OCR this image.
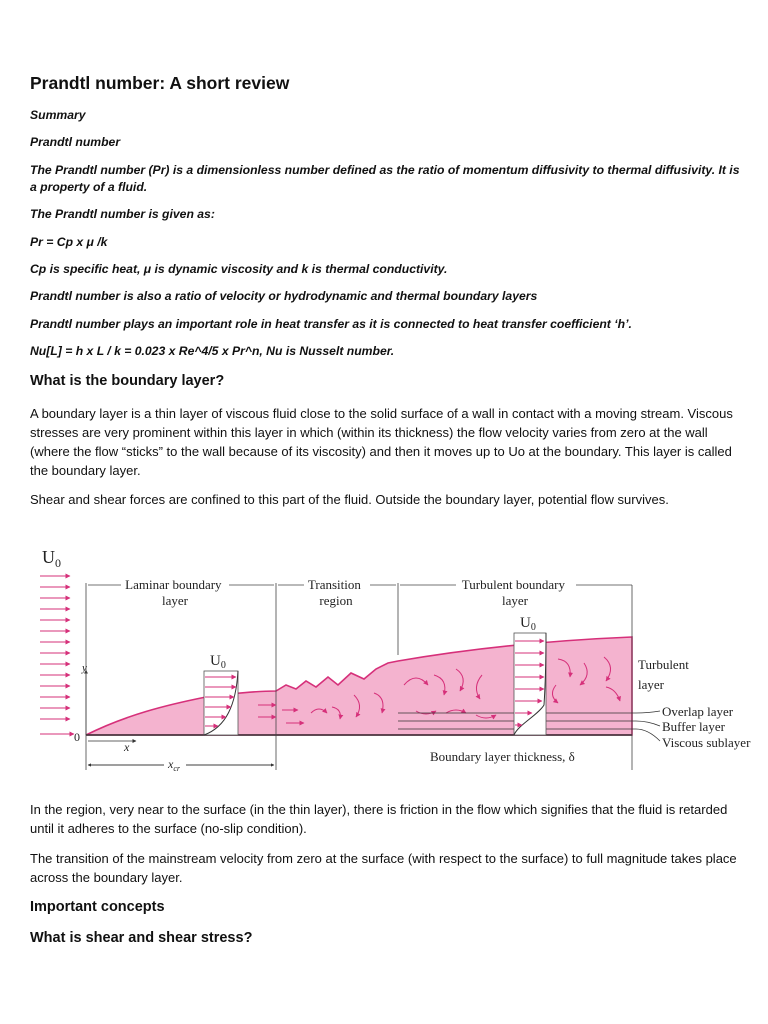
Prandtl number: A short review

Summary

Prandtl number

The Prandtl number (Pr) is a dimensionless number defined as the ratio of momentum diffusivity to thermal diffusivity. It is a property of a fluid.

The Prandtl number is given as:

Pr = Cp x μ /k

Cp is specific heat, μ is dynamic viscosity and k is thermal conductivity.

Prandtl number is also a ratio of velocity or hydrodynamic and thermal boundary layers

Prandtl number plays an important role in heat transfer as it is connected to heat transfer coefficient ‘h’.

Nu[L] = h x L / k = 0.023 x Re^4/5 x Pr^n, Nu is Nusselt number.

What is the boundary layer?

A boundary layer is a thin layer of viscous fluid close to the solid surface of a wall in contact with a moving stream. Viscous stresses are very prominent within this layer in which (within its thickness) the flow velocity varies from zero at the wall (where the flow “sticks” to the wall because of its viscosity) and then it moves up to Uo at the boundary. This layer is called the boundary layer.

Shear and shear forces are confined to this part of the fluid. Outside the boundary layer, potential flow survives.

$U_0$
y
0
x
Laminar boundary layer
Transition region
Turbulent boundary layer
$U_0$
$U_0$
Turbulent layer
Overlap layer
Buffer layer
Viscous sublayer
Boundary layer thickness, δ
$x_{cr}$

In the region, very near to the surface (in the thin layer), there is friction in the flow which signifies that the fluid is retarded until it adheres to the surface (no-slip condition).

The transition of the mainstream velocity from zero at the surface (with respect to the surface) to full magnitude takes place across the boundary layer.

Important concepts
What is shear and shear stress?
